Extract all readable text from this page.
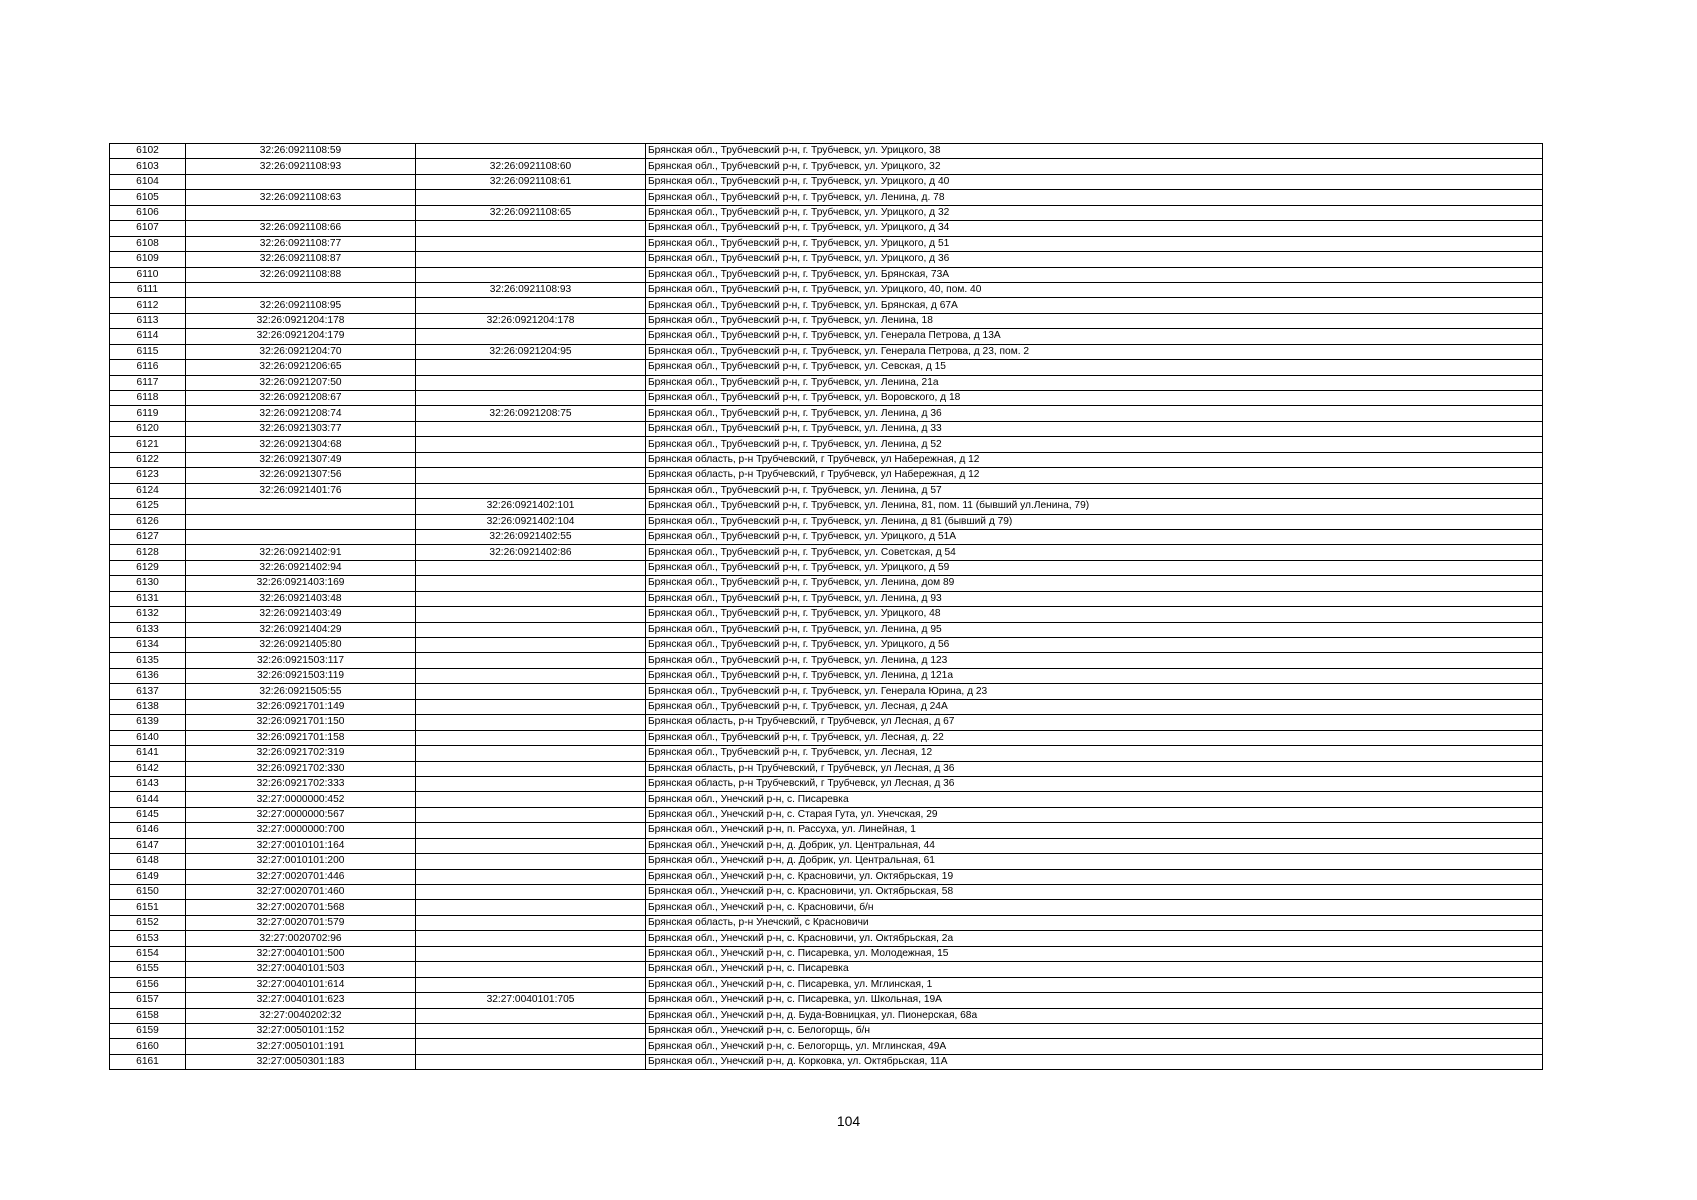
6102	32:26:0921108:59		Брянская обл., Трубчевский р-н, г. Трубчевск, ул. Урицкого, 38
6103	32:26:0921108:93	32:26:0921108:60	Брянская обл., Трубчевский р-н, г. Трубчевск, ул. Урицкого, 32
6104		32:26:0921108:61	Брянская обл., Трубчевский р-н, г. Трубчевск, ул. Урицкого, д 40
6105	32:26:0921108:63		Брянская обл., Трубчевский р-н, г. Трубчевск, ул. Ленина, д. 78
6106		32:26:0921108:65	Брянская обл., Трубчевский р-н, г. Трубчевск, ул. Урицкого, д 32
6107	32:26:0921108:66		Брянская обл., Трубчевский р-н, г. Трубчевск, ул. Урицкого, д 34
6108	32:26:0921108:77		Брянская обл., Трубчевский р-н, г. Трубчевск, ул. Урицкого, д 51
6109	32:26:0921108:87		Брянская обл., Трубчевский р-н, г. Трубчевск, ул. Урицкого, д 36
6110	32:26:0921108:88		Брянская обл., Трубчевский р-н, г. Трубчевск, ул. Брянская, 73А
6111		32:26:0921108:93	Брянская обл., Трубчевский р-н, г. Трубчевск, ул. Урицкого, 40, пом. 40
6112	32:26:0921108:95		Брянская обл., Трубчевский р-н, г. Трубчевск, ул. Брянская, д 67А
6113	32:26:0921204:178	32:26:0921204:178	Брянская обл., Трубчевский р-н, г. Трубчевск, ул. Ленина, 18
6114	32:26:0921204:179		Брянская обл., Трубчевский р-н, г. Трубчевск, ул. Генерала Петрова, д 13А
6115	32:26:0921204:70	32:26:0921204:95	Брянская обл., Трубчевский р-н, г. Трубчевск, ул. Генерала Петрова, д 23, пом. 2
6116	32:26:0921206:65		Брянская обл., Трубчевский р-н, г. Трубчевск, ул. Севская, д 15
6117	32:26:0921207:50		Брянская обл., Трубчевский р-н, г. Трубчевск, ул. Ленина, 21а
6118	32:26:0921208:67		Брянская обл., Трубчевский р-н, г. Трубчевск, ул. Воровского, д 18
6119	32:26:0921208:74	32:26:0921208:75	Брянская обл., Трубчевский р-н, г. Трубчевск, ул. Ленина, д 36
6120	32:26:0921303:77		Брянская обл., Трубчевский р-н, г. Трубчевск, ул. Ленина, д 33
6121	32:26:0921304:68		Брянская обл., Трубчевский р-н, г. Трубчевск, ул. Ленина, д 52
6122	32:26:0921307:49		Брянская область, р-н Трубчевский, г Трубчевск, ул Набережная, д 12
6123	32:26:0921307:56		Брянская область, р-н Трубчевский, г Трубчевск, ул Набережная, д 12
6124	32:26:0921401:76		Брянская обл., Трубчевский р-н, г. Трубчевск, ул. Ленина, д 57
6125		32:26:0921402:101	Брянская обл., Трубчевский р-н, г. Трубчевск, ул. Ленина, 81, пом. 11 (бывший ул.Ленина, 79)
6126		32:26:0921402:104	Брянская обл., Трубчевский р-н, г. Трубчевск, ул. Ленина, д 81 (бывший д 79)
6127		32:26:0921402:55	Брянская обл., Трубчевский р-н, г. Трубчевск, ул. Урицкого, д 51А
6128	32:26:0921402:91	32:26:0921402:86	Брянская обл., Трубчевский р-н, г. Трубчевск, ул. Советская, д 54
6129	32:26:0921402:94		Брянская обл., Трубчевский р-н, г. Трубчевск, ул. Урицкого, д 59
6130	32:26:0921403:169		Брянская обл., Трубчевский р-н, г. Трубчевск, ул. Ленина, дом 89
6131	32:26:0921403:48		Брянская обл., Трубчевский р-н, г. Трубчевск, ул. Ленина, д 93
6132	32:26:0921403:49		Брянская обл., Трубчевский р-н, г. Трубчевск, ул. Урицкого, 48
6133	32:26:0921404:29		Брянская обл., Трубчевский р-н, г. Трубчевск, ул. Ленина, д 95
6134	32:26:0921405:80		Брянская обл., Трубчевский р-н, г. Трубчевск, ул. Урицкого, д 56
6135	32:26:0921503:117		Брянская обл., Трубчевский р-н, г. Трубчевск, ул. Ленина, д 123
6136	32:26:0921503:119		Брянская обл., Трубчевский р-н, г. Трубчевск, ул. Ленина, д 121а
6137	32:26:0921505:55		Брянская обл., Трубчевский р-н, г. Трубчевск, ул. Генерала Юрина, д 23
6138	32:26:0921701:149		Брянская обл., Трубчевский р-н, г. Трубчевск, ул. Лесная, д 24А
6139	32:26:0921701:150		Брянская область, р-н Трубчевский, г Трубчевск, ул Лесная, д 67
6140	32:26:0921701:158		Брянская обл., Трубчевский р-н, г. Трубчевск, ул. Лесная, д. 22
6141	32:26:0921702:319		Брянская обл., Трубчевский р-н, г. Трубчевск, ул. Лесная, 12
6142	32:26:0921702:330		Брянская область, р-н Трубчевский, г Трубчевск, ул Лесная, д 36
6143	32:26:0921702:333		Брянская область, р-н Трубчевский, г Трубчевск, ул Лесная, д 36
6144	32:27:0000000:452		Брянская обл., Унечский р-н, с. Писаревка
6145	32:27:0000000:567		Брянская обл., Унечский р-н, с. Старая Гута, ул. Унечская, 29
6146	32:27:0000000:700		Брянская обл., Унечский р-н, п. Рассуха, ул. Линейная, 1
6147	32:27:0010101:164		Брянская обл., Унечский р-н, д. Добрик, ул. Центральная, 44
6148	32:27:0010101:200		Брянская обл., Унечский р-н, д. Добрик, ул. Центральная, 61
6149	32:27:0020701:446		Брянская обл., Унечский р-н, с. Красновичи, ул. Октябрьская, 19
6150	32:27:0020701:460		Брянская обл., Унечский р-н, с. Красновичи, ул. Октябрьская, 58
6151	32:27:0020701:568		Брянская обл., Унечский р-н, с. Красновичи, б/н
6152	32:27:0020701:579		Брянская область, р-н Унечский, с Красновичи
6153	32:27:0020702:96		Брянская обл., Унечский р-н, с. Красновичи, ул. Октябрьская, 2а
6154	32:27:0040101:500		Брянская обл., Унечский р-н, с. Писаревка, ул. Молодежная, 15
6155	32:27:0040101:503		Брянская обл., Унечский р-н, с. Писаревка
6156	32:27:0040101:614		Брянская обл., Унечский р-н, с. Писаревка, ул. Мглинская, 1
6157	32:27:0040101:623	32:27:0040101:705	Брянская обл., Унечский р-н, с. Писаревка, ул. Школьная, 19А
6158	32:27:0040202:32		Брянская обл., Унечский р-н, д. Буда-Вовницкая, ул. Пионерская, 68а
6159	32:27:0050101:152		Брянская обл., Унечский р-н, с. Белогорщь, б/н
6160	32:27:0050101:191		Брянская обл., Унечский р-н, с. Белогорщь, ул. Мглинская, 49А
6161	32:27:0050301:183		Брянская обл., Унечский р-н, д. Корковка, ул. Октябрьская, 11А
104
